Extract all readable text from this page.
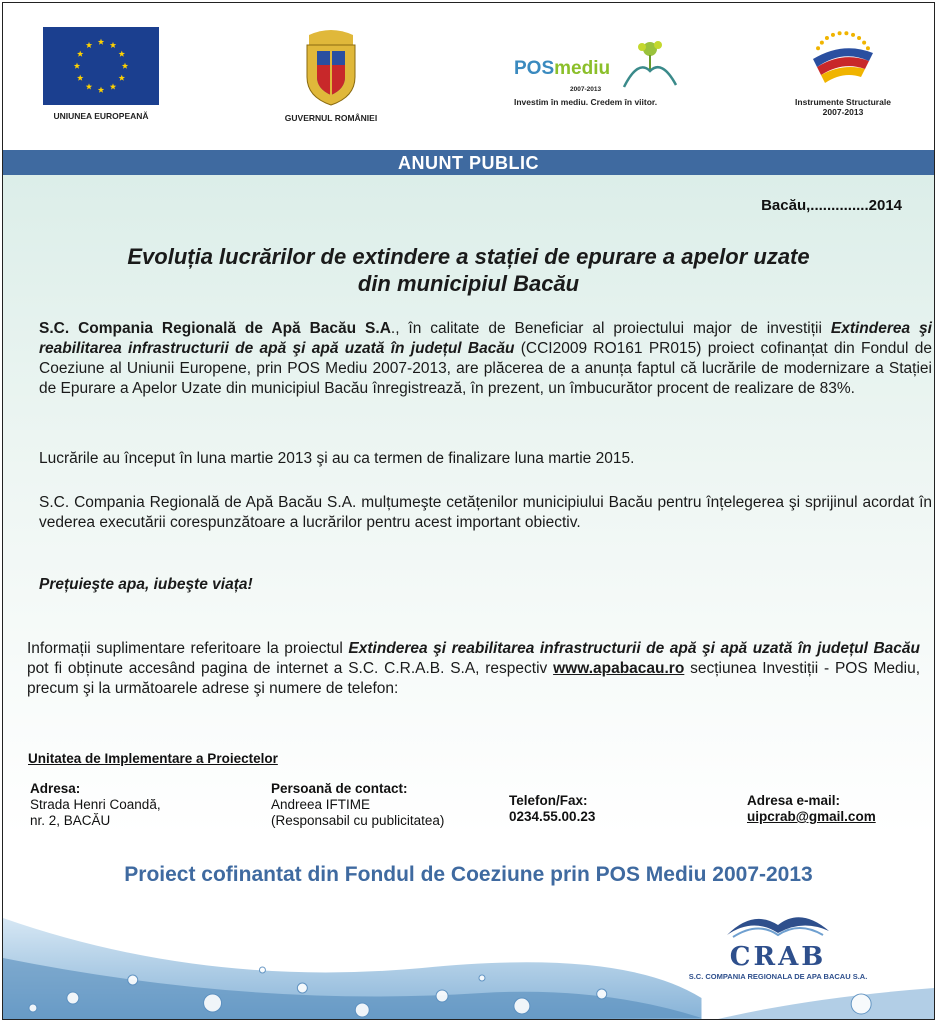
UNIUNEA EUROPEANĂ	GUVERNUL ROMÂNIEI
POSmediu
2007-2013
Investim în mediu. Credem în viitor.	Instrumente Structurale
2007-2013
ANUNT PUBLIC
Bacău,..............2014
Evoluția lucrărilor de extindere a stației de epurare a apelor uzate
din municipiul Bacău
S.C. Compania Regională de Apă Bacău S.A., în calitate de Beneficiar al proiectului major de investiții Extinderea şi reabilitarea infrastructurii de apă şi apă uzată în județul Bacău (CCI2009 RO161 PR015) proiect cofinanțat din Fondul de Coeziune al Uniunii Europene, prin POS Mediu 2007-2013, are plăcerea de a anunța faptul că lucrările de modernizare a Stației de Epurare a Apelor Uzate din municipiul Bacău înregistrează, în prezent, un îmbucurător procent de realizare de 83%.
Lucrările au început în luna martie 2013 şi au ca termen de finalizare luna martie 2015.
S.C. Compania Regională de Apă Bacău S.A. mulțumeşte cetățenilor municipiului Bacău pentru înțelegerea şi sprijinul acordat în vederea executării corespunzătoare a lucrărilor pentru acest important obiectiv.
Prețuieşte apa, iubeşte viața!
Informații suplimentare referitoare la proiectul Extinderea şi reabilitarea infrastructurii de apă şi apă uzată în județul Bacău pot fi obținute accesând pagina de internet a S.C. C.R.A.B. S.A, respectiv www.apabacau.ro secțiunea Investiții - POS Mediu, precum şi la următoarele adrese şi numere de telefon:
Unitatea de Implementare a Proiectelor
Adresa:
Strada Henri Coandă,
nr. 2, BACĂU
Persoană de contact:
Andreea IFTIME
(Responsabil cu publicitatea)
Telefon/Fax:
0234.55.00.23
Adresa e-mail:
uipcrab@gmail.com
Proiect cofinantat din Fondul de Coeziune prin POS Mediu 2007-2013
CRAB
S.C. COMPANIA REGIONALA DE APA BACAU S.A.
